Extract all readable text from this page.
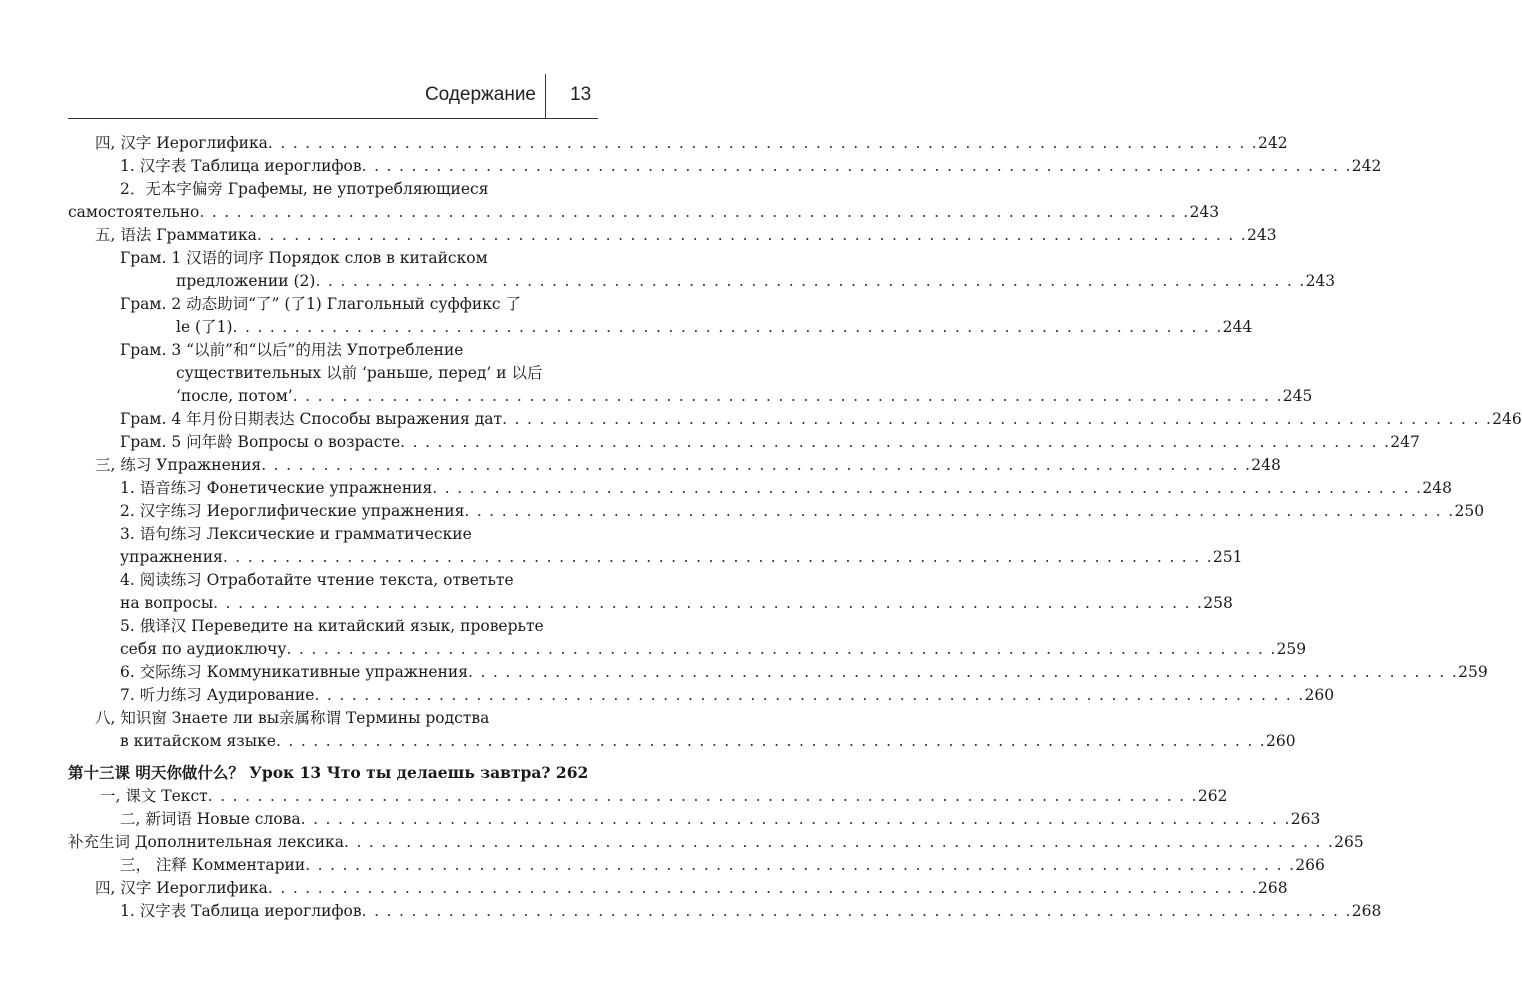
Содержание 13
四, 汉字 Иероглифика . . . . . . . . . . . . . . . . . . . . . . . . . . . . . . . . . . . . . . . . . . . . . . . . . . . . . . . . . . . . . . . . . . . . . . . . . . . . . . . . 242
1. 汉字表 Таблица иероглифов . . . . . . . . . . . . . . . . . . . . . . . . . . . . . . . . . . . . . . . . . . . . . . . . . . . . . . . . . . . . . . . . . . . . . . . . . . . . . . . . 242
2．无本字偏旁 Графемы, не употребляющиеся
самостоятельно . . . . . . . . . . . . . . . . . . . . . . . . . . . . . . . . . . . . . . . . . . . . . . . . . . . . . . . . . . . . . . . . . . . . . . . . . . . . . . . . 243
五, 语法 Грамматика . . . . . . . . . . . . . . . . . . . . . . . . . . . . . . . . . . . . . . . . . . . . . . . . . . . . . . . . . . . . . . . . . . . . . . . . . . . . . . . . 243
Грам. 1 汉语的词序 Порядок слов в китайском
предложении (2) . . . . . . . . . . . . . . . . . . . . . . . . . . . . . . . . . . . . . . . . . . . . . . . . . . . . . . . . . . . . . . . . . . . . . . . . . . . . . . . . 243
Грам. 2 动态助词“了” (了1) Глагольный суффикс 了
le (了1) . . . . . . . . . . . . . . . . . . . . . . . . . . . . . . . . . . . . . . . . . . . . . . . . . . . . . . . . . . . . . . . . . . . . . . . . . . . . . . . . 244
Грам. 3 “以前”和“以后”的用法 Употребление
существительных 以前 ‘раньше, перед’ и 以后
‘после, потом’ . . . . . . . . . . . . . . . . . . . . . . . . . . . . . . . . . . . . . . . . . . . . . . . . . . . . . . . . . . . . . . . . . . . . . . . . . . . . . . . . 245
Грам. 4 年月份日期表达 Способы выражения дат . . . . . . . . . . . . . . . . . . . . . . . . . . . . . . . . . . . . . . . . . . . . . . . . . . . . . . . . . . . . . . . . . . . . . . . . . . . . . . . . 246
Грам. 5 问年龄 Вопросы о возрасте . . . . . . . . . . . . . . . . . . . . . . . . . . . . . . . . . . . . . . . . . . . . . . . . . . . . . . . . . . . . . . . . . . . . . . . . . . . . . . . . 247
三, 练习 Упражнения . . . . . . . . . . . . . . . . . . . . . . . . . . . . . . . . . . . . . . . . . . . . . . . . . . . . . . . . . . . . . . . . . . . . . . . . . . . . . . . . 248
1. 语音练习 Фонетические упражнения . . . . . . . . . . . . . . . . . . . . . . . . . . . . . . . . . . . . . . . . . . . . . . . . . . . . . . . . . . . . . . . . . . . . . . . . . . . . . . . . 248
2. 汉字练习 Иероглифические упражнения . . . . . . . . . . . . . . . . . . . . . . . . . . . . . . . . . . . . . . . . . . . . . . . . . . . . . . . . . . . . . . . . . . . . . . . . . . . . . . . . 250
3. 语句练习 Лексические и грамматические
упражнения . . . . . . . . . . . . . . . . . . . . . . . . . . . . . . . . . . . . . . . . . . . . . . . . . . . . . . . . . . . . . . . . . . . . . . . . . . . . . . . . 251
4. 阅读练习 Отработайте чтение текста, ответьте
на вопросы . . . . . . . . . . . . . . . . . . . . . . . . . . . . . . . . . . . . . . . . . . . . . . . . . . . . . . . . . . . . . . . . . . . . . . . . . . . . . . . . 258
5. 俄译汉 Переведите на китайский язык, проверьте
себя по аудиоключу . . . . . . . . . . . . . . . . . . . . . . . . . . . . . . . . . . . . . . . . . . . . . . . . . . . . . . . . . . . . . . . . . . . . . . . . . . . . . . . . 259
6. 交际练习 Коммуникативные упражнения . . . . . . . . . . . . . . . . . . . . . . . . . . . . . . . . . . . . . . . . . . . . . . . . . . . . . . . . . . . . . . . . . . . . . . . . . . . . . . . . 259
7. 听力练习 Аудирование . . . . . . . . . . . . . . . . . . . . . . . . . . . . . . . . . . . . . . . . . . . . . . . . . . . . . . . . . . . . . . . . . . . . . . . . . . . . . . . . 260
八, 知识窗 Знаете ли вы亲属称谓 Термины родства
в китайском языке . . . . . . . . . . . . . . . . . . . . . . . . . . . . . . . . . . . . . . . . . . . . . . . . . . . . . . . . . . . . . . . . . . . . . . . . . . . . . . . . 260
第十三课 明天你做什么？ Урок 13 Что ты делаешь завтра? 262
一, 课文 Текст . . . . . . . . . . . . . . . . . . . . . . . . . . . . . . . . . . . . . . . . . . . . . . . . . . . . . . . . . . . . . . . . . . . . . . . . . . . . . . . . 262
二, 新词语 Новые слова . . . . . . . . . . . . . . . . . . . . . . . . . . . . . . . . . . . . . . . . . . . . . . . . . . . . . . . . . . . . . . . . . . . . . . . . . . . . . . . . 263
补充生词 Дополнительная лексика . . . . . . . . . . . . . . . . . . . . . . . . . . . . . . . . . . . . . . . . . . . . . . . . . . . . . . . . . . . . . . . . . . . . . . . . . . . . . . . . 265
三， 注释 Комментарии . . . . . . . . . . . . . . . . . . . . . . . . . . . . . . . . . . . . . . . . . . . . . . . . . . . . . . . . . . . . . . . . . . . . . . . . . . . . . . . . 266
四, 汉字 Иероглифика . . . . . . . . . . . . . . . . . . . . . . . . . . . . . . . . . . . . . . . . . . . . . . . . . . . . . . . . . . . . . . . . . . . . . . . . . . . . . . . . 268
1. 汉字表 Таблица иероглифов . . . . . . . . . . . . . . . . . . . . . . . . . . . . . . . . . . . . . . . . . . . . . . . . . . . . . . . . . . . . . . . . . . . . . . . . . . . . . . . . 268
